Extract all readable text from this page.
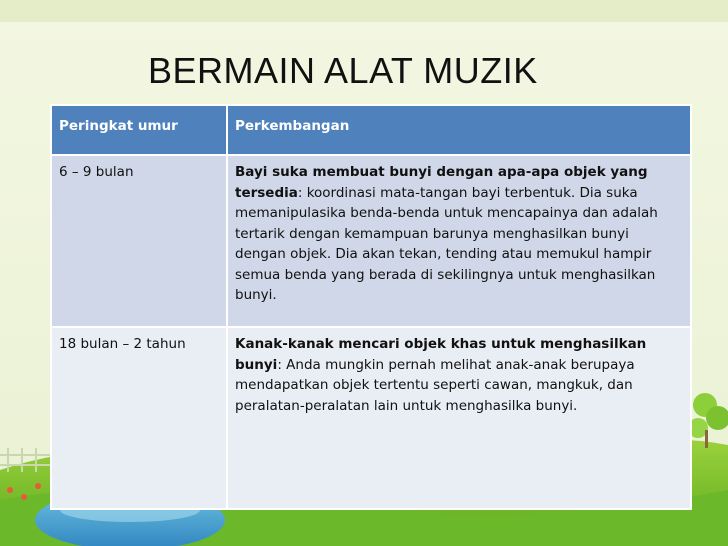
BERMAIN ALAT MUZIK
Peringkat umur	Perkembangan
6 – 9 bulan	Bayi suka membuat bunyi dengan apa-apa objek yang tersedia: koordinasi mata-tangan bayi terbentuk. Dia suka memanipulasika benda-benda untuk mencapainya dan adalah tertarik dengan kemampuan barunya menghasilkan bunyi dengan objek. Dia akan tekan, tending atau memukul hampir semua benda yang berada di sekilingnya untuk menghasilkan bunyi.
18 bulan – 2 tahun	Kanak-kanak mencari objek khas untuk menghasilkan bunyi: Anda mungkin pernah melihat anak-anak berupaya mendapatkan objek tertentu seperti cawan, mangkuk, dan peralatan-peralatan lain untuk menghasilka bunyi.
